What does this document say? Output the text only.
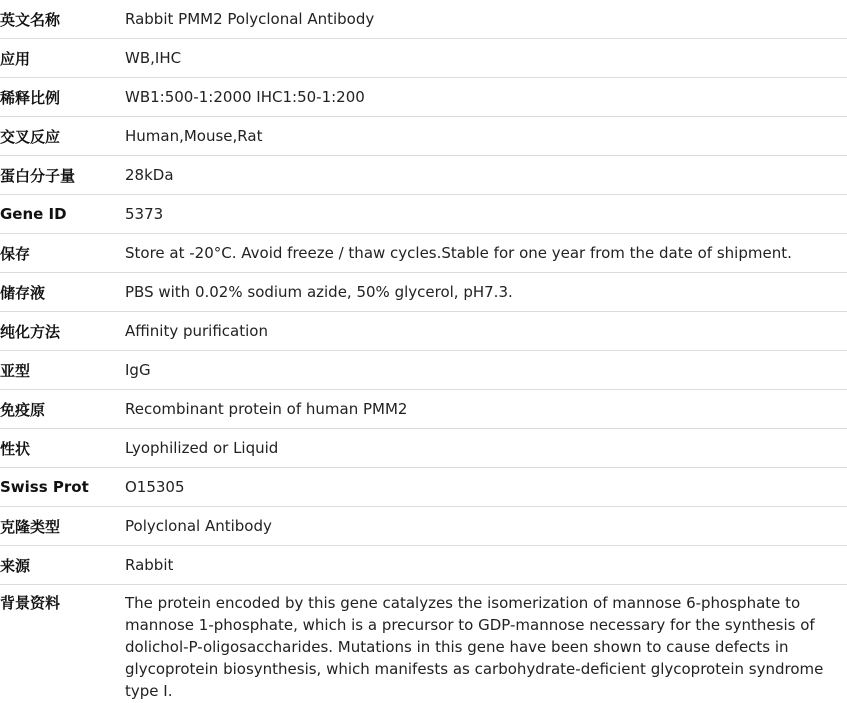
英文名称	Rabbit PMM2 Polyclonal Antibody
应用	WB,IHC
稀释比例	WB1:500-1:2000 IHC1:50-1:200
交叉反应	Human,Mouse,Rat
蛋白分子量	28kDa
Gene ID	5373
保存	Store at -20°C. Avoid freeze / thaw cycles.Stable for one year from the date of shipment.
储存液	PBS with 0.02% sodium azide, 50% glycerol, pH7.3.
纯化方法	Affinity purification
亚型	IgG
免疫原	Recombinant protein of human PMM2
性状	Lyophilized or Liquid
Swiss Prot	O15305
克隆类型	Polyclonal Antibody
来源	Rabbit
背景资料	The protein encoded by this gene catalyzes the isomerization of mannose 6-phosphate to mannose 1-phosphate, which is a precursor to GDP-mannose necessary for the synthesis of dolichol-P-oligosaccharides. Mutations in this gene have been shown to cause defects in glycoprotein biosynthesis, which manifests as carbohydrate-deficient glycoprotein syndrome type I.
